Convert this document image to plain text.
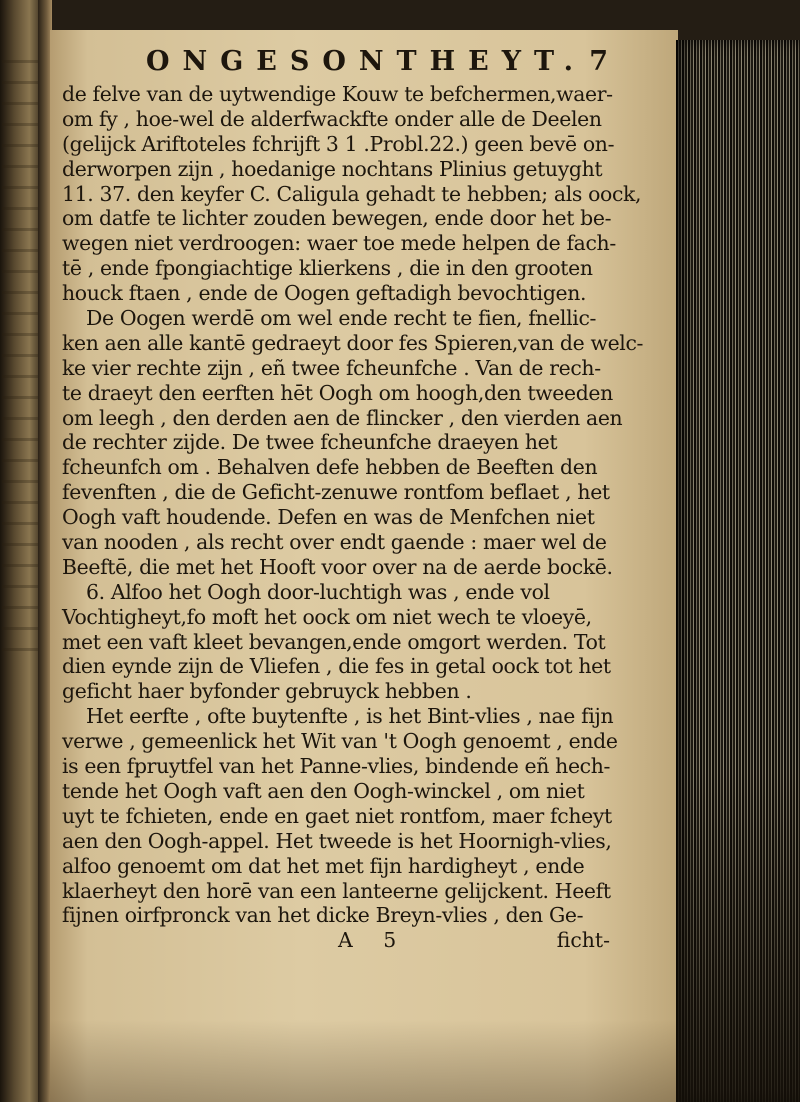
ONGESONTHEYT. 7
de felve van de uytwendige Kouw te befchermen,waer-
om fy , hoe-wel de alderfwackfte onder alle de Deelen
(gelijck Ariftoteles fchrijft 3 1 .Probl.22.) geen bevē on-
derworpen zijn , hoedanige nochtans Plinius getuyght
11. 37. den keyfer C. Caligula gehadt te hebben; als oock,
om datfe te lichter zouden bewegen, ende door het be-
wegen niet verdroogen: waer toe mede helpen de fach-
tē , ende fpongiachtige klierkens , die in den grooten
houck ftaen , ende de Oogen geftadigh bevochtigen.
De Oogen werdē om wel ende recht te fien, fnellic-
ken aen alle kantē gedraeyt door fes Spieren,van de welc-
ke vier rechte zijn , eñ twee fcheunfche . Van de rech-
te draeyt den eerften hēt Oogh om hoogh,den tweeden
om leegh , den derden aen de flincker , den vierden aen
de rechter zijde. De twee fcheunfche draeyen het
fcheunfch om . Behalven defe hebben de Beeften den
fevenften , die de Geficht-zenuwe rontfom beflaet , het
Oogh vaft houdende. Defen en was de Menfchen niet
van nooden , als recht over endt gaende : maer wel de
Beeftē, die met het Hooft voor over na de aerde bockē.
6. Alfoo het Oogh door-luchtigh was , ende vol
Vochtigheyt,fo moft het oock om niet wech te vloeyē,
met een vaft kleet bevangen,ende omgort werden. Tot
dien eynde zijn de Vliefen , die fes in getal oock tot het
geficht haer byfonder gebruyck hebben .
Het eerfte , ofte buytenfte , is het Bint-vlies , nae fijn
verwe , gemeenlick het Wit van 't Oogh genoemt , ende
is een fpruytfel van het Panne-vlies, bindende eñ hech-
tende het Oogh vaft aen den Oogh-winckel , om niet
uyt te fchieten, ende en gaet niet rontfom, maer fcheyt
aen den Oogh-appel. Het tweede is het Hoornigh-vlies,
alfoo genoemt om dat het met fijn hardigheyt , ende
klaerheyt den horē van een lanteerne gelijckent. Heeft
fijnen oirfpronck van het dicke Breyn-vlies , den Ge-
A 5	ficht-
